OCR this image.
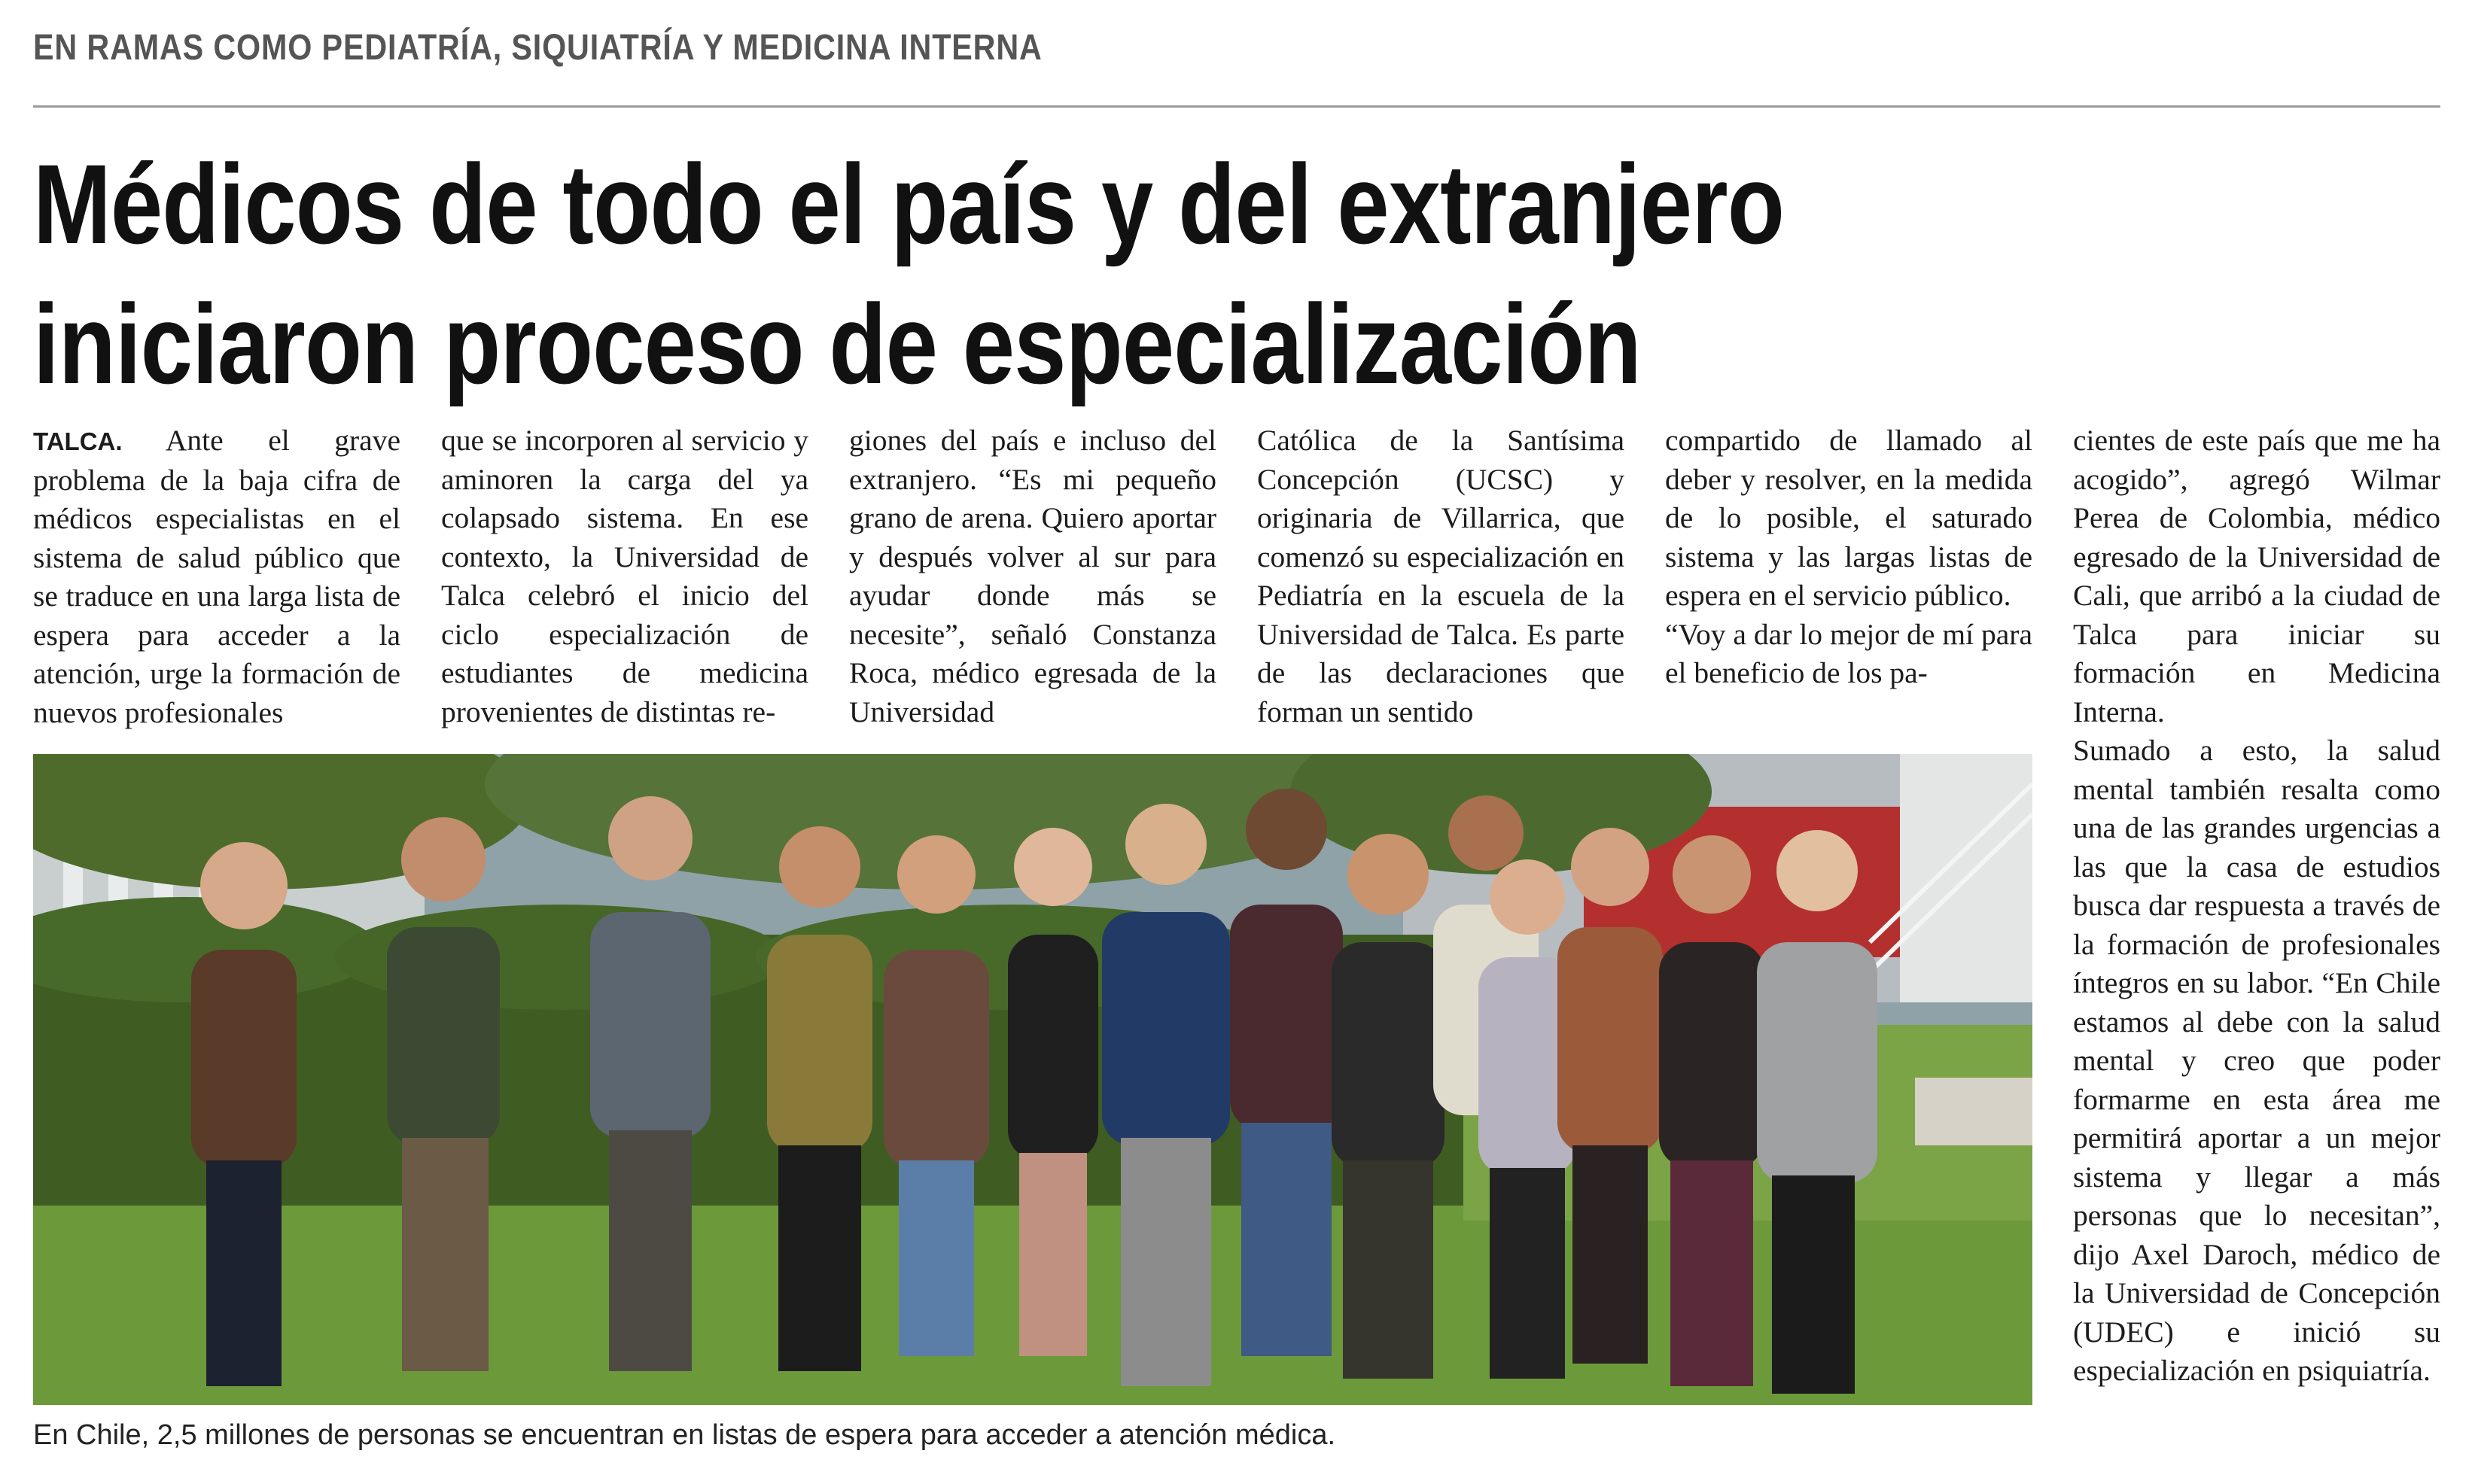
EN RAMAS COMO PEDIATRÍA, SIQUIATRÍA Y MEDICINA INTERNA
Médicos de todo el país y del extranjero
iniciaron proceso de especialización

TALCA. Ante el grave problema de la baja cifra de médicos especialistas en el sistema de salud público que se traduce en una larga lista de espera para acceder a la atención, urge la formación de nuevos profesionales

que se incorporen al servicio y aminoren la carga del ya colapsado sistema. En ese contexto, la Universidad de Talca celebró el inicio del ciclo especialización de estudiantes de medicina provenientes de distintas re-

giones del país e incluso del extranjero. “Es mi pequeño grano de arena. Quiero aportar y después volver al sur para ayudar donde más se necesite”, señaló Constanza Roca, médico egresada de la Universidad

Católica de la Santísima Concepción (UCSC) y originaria de Villarrica, que comenzó su especialización en Pediatría en la escuela de la Universidad de Talca. Es parte de las declaraciones que forman un sentido

compartido de llamado al deber y resolver, en la medida de lo posible, el saturado sistema y las largas listas de espera en el servicio público.

“Voy a dar lo mejor de mí para el beneficio de los pa-

cientes de este país que me ha acogido”, agregó Wilmar Perea de Colombia, médico egresado de la Universidad de Cali, que arribó a la ciudad de Talca para iniciar su formación en Medicina Interna.

Sumado a esto, la salud mental también resalta como una de las grandes urgencias a las que la casa de estudios busca dar respuesta a través de la formación de profesionales íntegros en su labor. “En Chile estamos al debe con la salud mental y creo que poder formarme en esta área me permitirá aportar a un mejor sistema y llegar a más personas que lo necesitan”, dijo Axel Daroch, médico de la Universidad de Concepción (UDEC) e inició su especialización en psiquiatría.

En Chile, 2,5 millones de personas se encuentran en listas de espera para acceder a atención médica.
